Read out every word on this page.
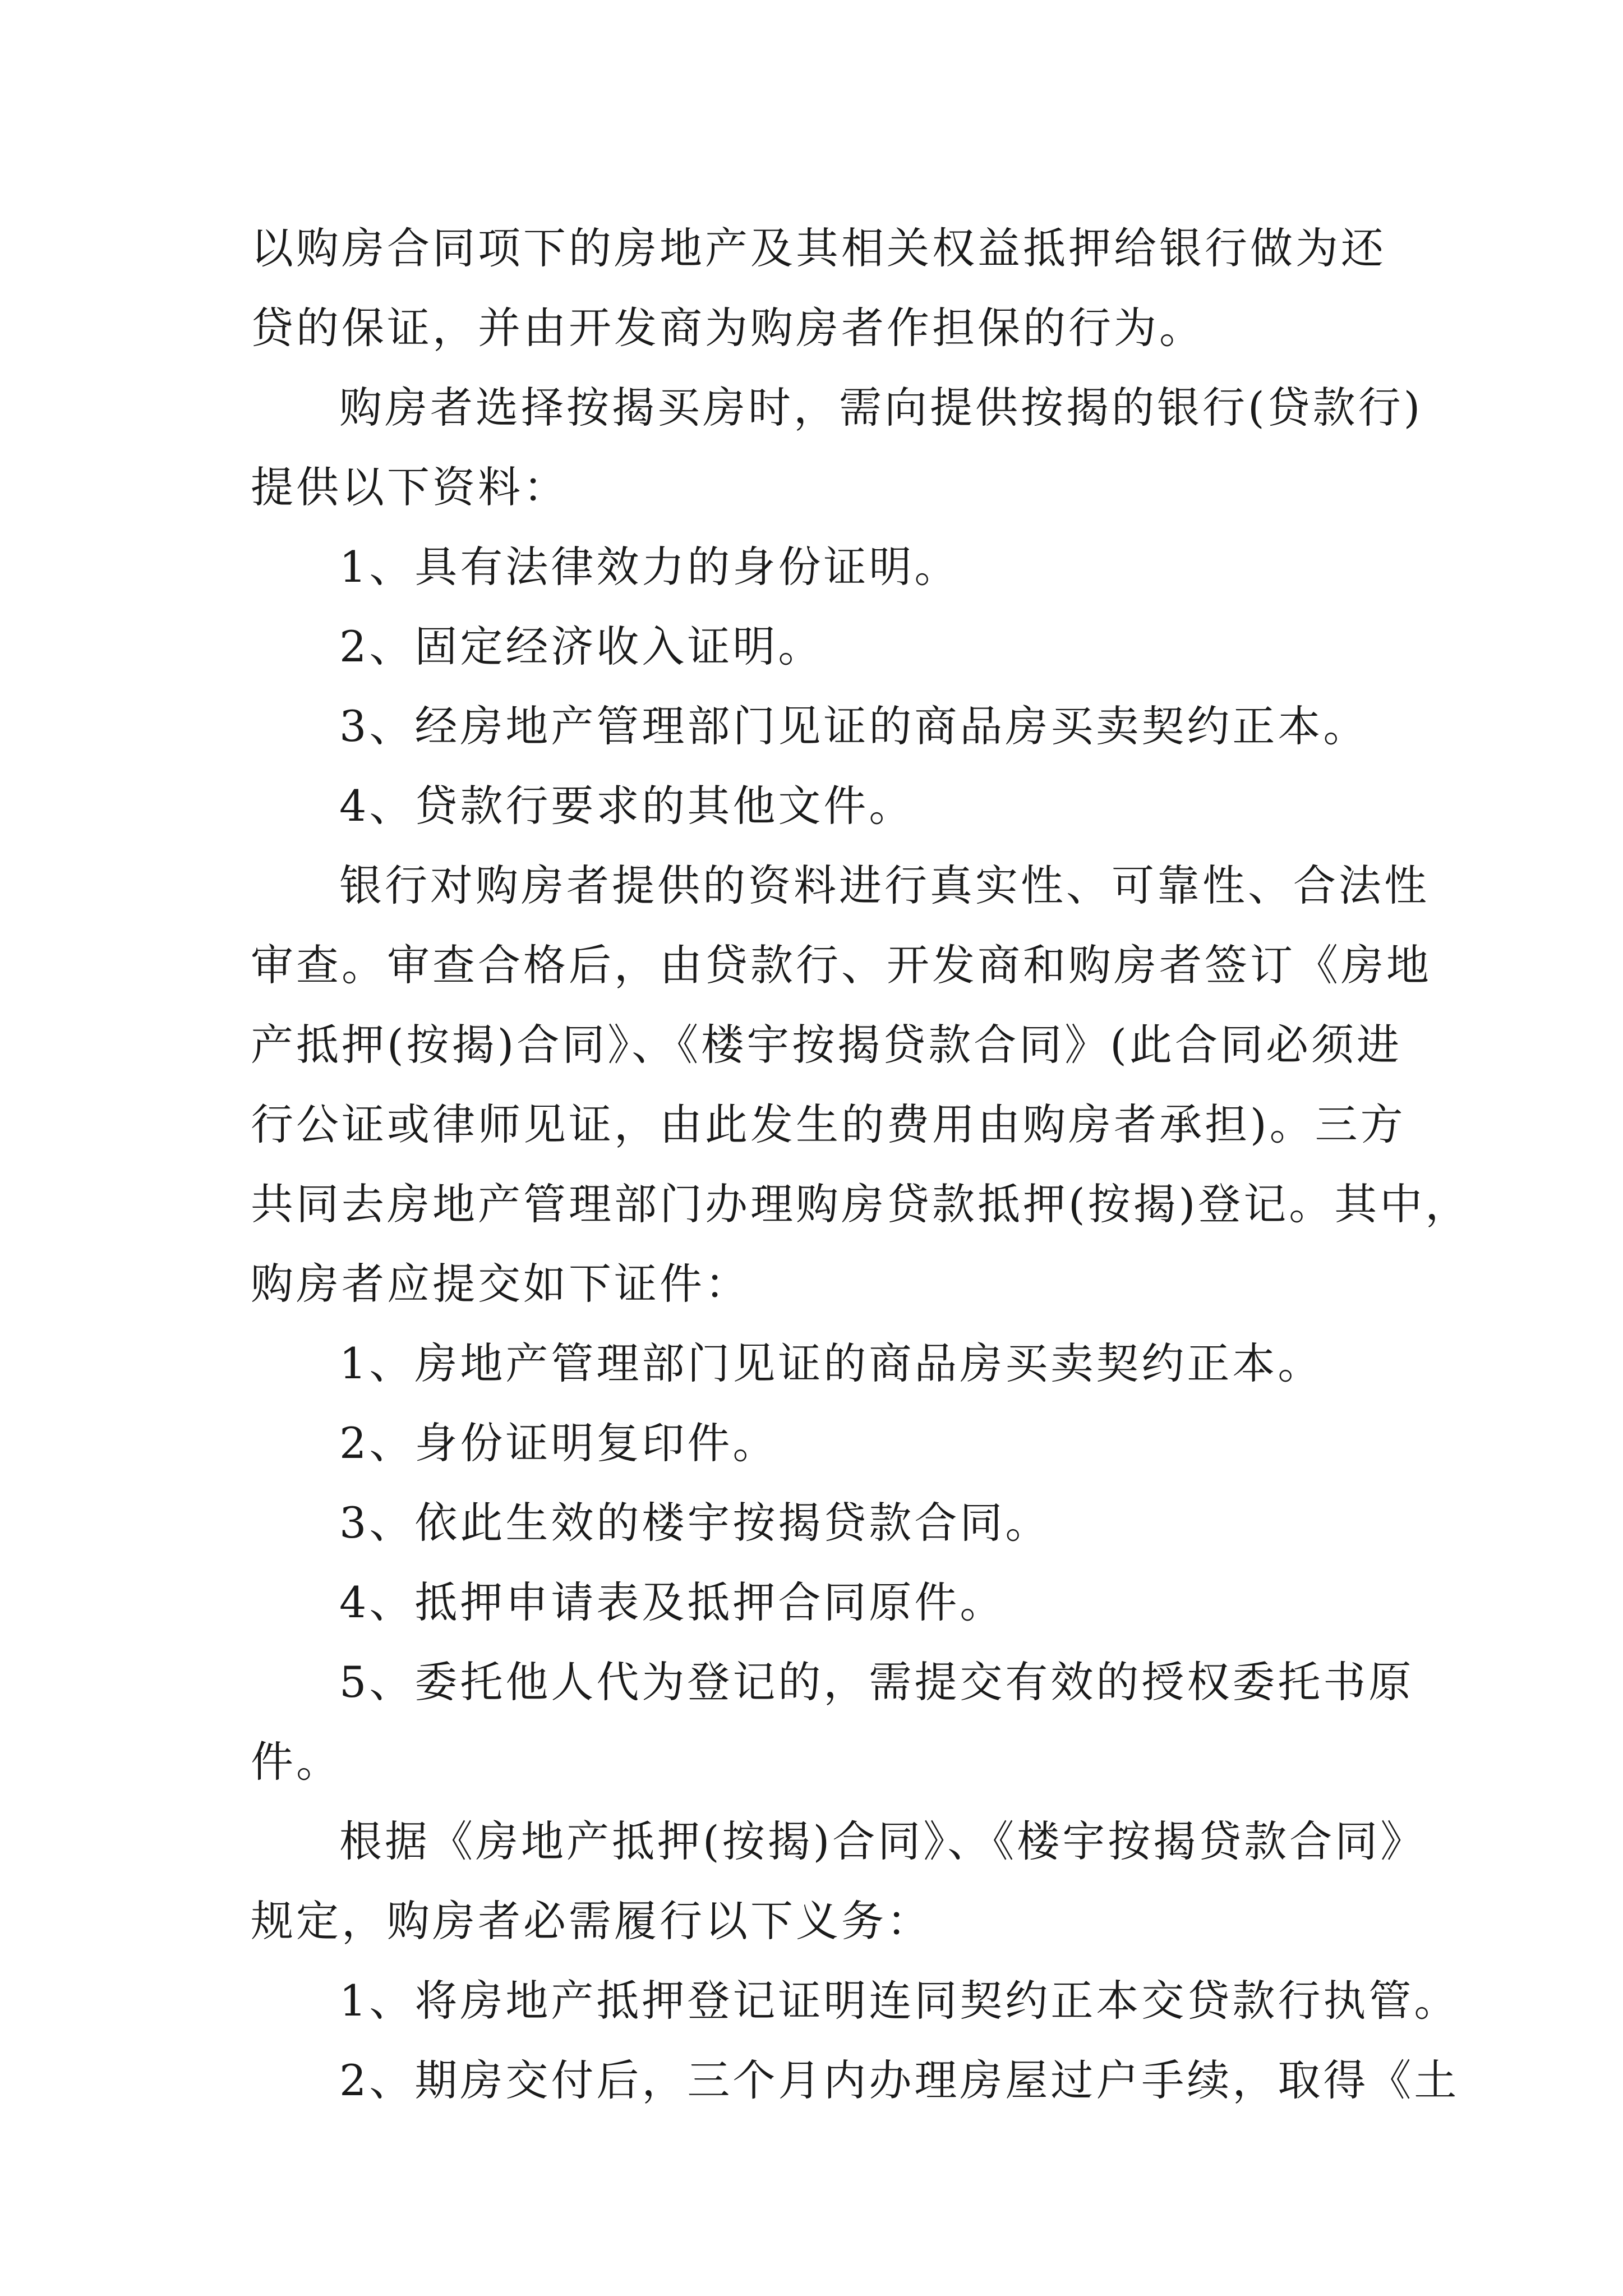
以购房合同项下的房地产及其相关权益抵押给银行做为还
贷的保证，并由开发商为购房者作担保的行为。
购房者选择按揭买房时，需向提供按揭的银行(贷款行)
提供以下资料：
1、具有法律效力的身份证明。
2、固定经济收入证明。
3、经房地产管理部门见证的商品房买卖契约正本。
4、贷款行要求的其他文件。
银行对购房者提供的资料进行真实性、可靠性、合法性
审查。审查合格后，由贷款行、开发商和购房者签订《房地
产抵押(按揭)合同》、《楼宇按揭贷款合同》(此合同必须进
行公证或律师见证，由此发生的费用由购房者承担)。三方
共同去房地产管理部门办理购房贷款抵押(按揭)登记。其中，
购房者应提交如下证件：
1、房地产管理部门见证的商品房买卖契约正本。
2、身份证明复印件。
3、依此生效的楼宇按揭贷款合同。
4、抵押申请表及抵押合同原件。
5、委托他人代为登记的，需提交有效的授权委托书原
件。
根据《房地产抵押(按揭)合同》、《楼宇按揭贷款合同》
规定，购房者必需履行以下义务：
1、将房地产抵押登记证明连同契约正本交贷款行执管。
2、期房交付后，三个月内办理房屋过户手续，取得《土
